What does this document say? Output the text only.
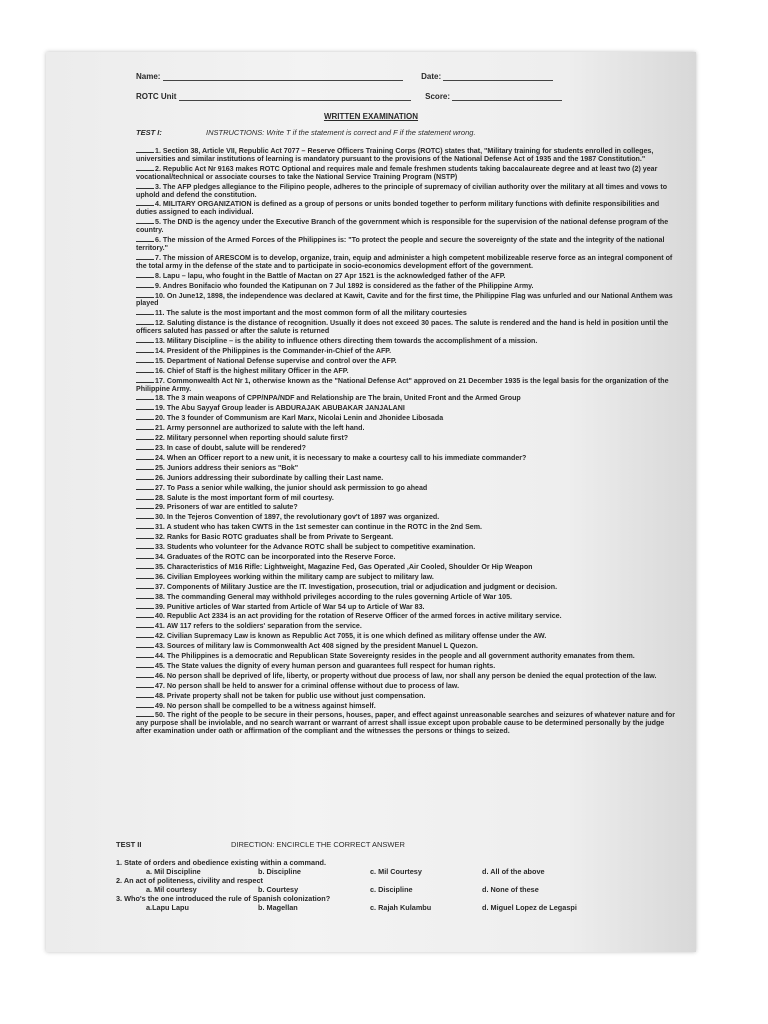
Name:	Date:
ROTC Unit	Score:
WRITTEN EXAMINATION
TEST I:	INSTRUCTIONS: Write T if the statement is correct and F if the statement wrong.

1. Section 38, Article VII, Republic Act 7077 – Reserve Officers Training Corps (ROTC) states that, "Military training for students enrolled in colleges, universities and similar institutions of learning is mandatory pursuant to the provisions of the National Defense Act of 1935 and the 1987 Constitution."

2. Republic Act Nr 9163 makes ROTC Optional and requires male and female freshmen students taking baccalaureate degree and at least two (2) year vocational/technical or associate courses to take the National Service Training Program (NSTP)

3. The AFP pledges allegiance to the Filipino people, adheres to the principle of supremacy of civilian authority over the military at all times and vows to uphold and defend the constitution.

4. MILITARY ORGANIZATION is defined as a group of persons or units bonded together to perform military functions with definite responsibilities and duties assigned to each individual.

5. The DND is the agency under the Executive Branch of the government which is responsible for the supervision of the national defense program of the country.

6. The mission of the Armed Forces of the Philippines is: "To protect the people and secure the sovereignty of the state and the integrity of the national territory."

7. The mission of ARESCOM is to develop, organize, train, equip and administer a high competent mobilizeable reserve force as an integral component of the total army in the defense of the state and to participate in socio-economics development effort of the government.

8. Lapu – lapu, who fought in the Battle of Mactan on 27 Apr 1521 is the acknowledged father of the AFP.

9. Andres Bonifacio who founded the Katipunan on 7 Jul 1892 is considered as the father of the Philippine Army.

10. On June12, 1898, the independence was declared at Kawit, Cavite and for the first time, the Philippine Flag was unfurled and our National Anthem was played

11. The salute is the most important and the most common form of all the military courtesies

12. Saluting distance is the distance of recognition. Usually it does not exceed 30 paces. The salute is rendered and the hand is held in position until the officers saluted has passed or after the salute is returned

13. Military Discipline – is the ability to influence others directing them towards the accomplishment of a mission.

14. President of the Philippines is the Commander-in-Chief of the AFP.

15. Department of National Defense supervise and control over the AFP.

16. Chief of Staff is the highest military Officer in the AFP.

17. Commonwealth Act Nr 1, otherwise known as the "National Defense Act" approved on 21 December 1935 is the legal basis for the organization of the Philippine Army.

18. The 3 main weapons of CPP/NPA/NDF and Relationship are The brain, United Front and the Armed Group

19. The Abu Sayyaf Group leader is ABDURAJAK ABUBAKAR JANJALANI

20. The 3 founder of Communism are Karl Marx, Nicolai Lenin and Jhonidee Libosada

21. Army personnel are authorized to salute with the left hand.

22. Military personnel when reporting should salute first?

23. In case of doubt, salute will be rendered?

24. When an Officer report to a new unit, it is necessary to make a courtesy call to his immediate commander?

25. Juniors address their seniors as "Bok"

26. Juniors addressing their subordinate by calling their Last name.

27. To Pass a senior while walking, the junior should ask permission to go ahead

28. Salute is the most important form of mil courtesy.

29. Prisoners of war are entitled to salute?

30. In the Tejeros Convention of 1897, the revolutionary gov't of 1897 was organized.

31. A student who has taken CWTS in the 1st semester can continue in the ROTC in the 2nd Sem.

32. Ranks for Basic ROTC graduates shall be from Private to Sergeant.

33. Students who volunteer for the Advance ROTC shall be subject to competitive examination.

34. Graduates of the ROTC can be incorporated into the Reserve Force.

35. Characteristics of M16 Rifle: Lightweight, Magazine Fed, Gas Operated ,Air Cooled, Shoulder Or Hip Weapon

36. Civilian Employees working within the military camp are subject to military law.

37. Components of Military Justice are the IT. Investigation, prosecution, trial or adjudication and judgment or decision.

38. The commanding General may withhold privileges according to the rules governing Article of War 105.

39. Punitive articles of War started from Article of War 54 up to Article of War 83.

40. Republic Act 2334 is an act providing for the rotation of Reserve Officer of the armed forces in active military service.

41. AW 117 refers to the soldiers' separation from the service.

42. Civilian Supremacy Law is known as Republic Act 7055, it is one which defined as military offense under the AW.

43. Sources of military law is Commonwealth Act 408 signed by the president Manuel L Quezon.

44. The Philippines is a democratic and Republican State Sovereignty resides in the people and all government authority emanates from them.

45. The State values the dignity of every human person and guarantees full respect for human rights.

46. No person shall be deprived of life, liberty, or property without due process of law, nor shall any person be denied the equal protection of the law.

47. No person shall be held to answer for a criminal offense without due to process of law.

48. Private property shall not be taken for public use without just compensation.

49. No person shall be compelled to be a witness against himself.

50. The right of the people to be secure in their persons, houses, paper, and effect against unreasonable searches and seizures of whatever nature and for any purpose shall be inviolable, and no search warrant or warrant of arrest shall issue except upon probable cause to be determined personally by the judge after examination under oath or affirmation of the compliant and the witnesses the persons or things to seized.

TEST II	DIRECTION: ENCIRCLE THE CORRECT ANSWER

1. State of orders and obedience existing within a command.

a. Mil Discipline	b. Discipline	c. Mil Courtesy	d. All of the above

2. An act of politeness, civility and respect

a. Mil courtesy	b. Courtesy	c. Discipline	d. None of these

3. Who's the one introduced the rule of Spanish colonization?

a.Lapu Lapu	b. Magellan	c. Rajah Kulambu	d. Miguel Lopez de Legaspi
